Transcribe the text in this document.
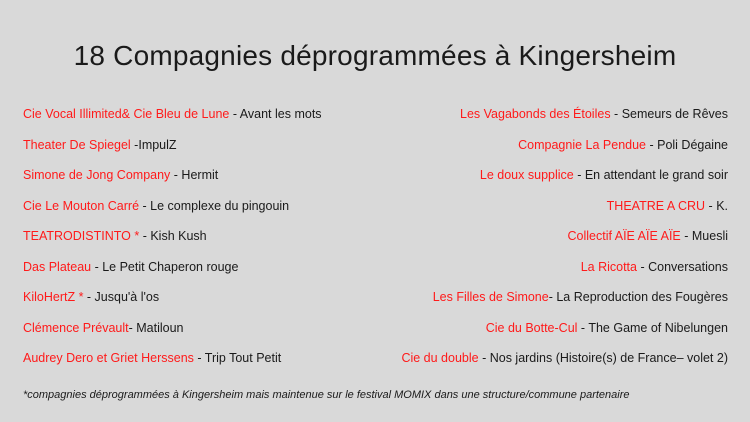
18 Compagnies déprogrammées à Kingersheim
Cie Vocal Illimited& Cie Bleu de Lune - Avant les mots
Theater De Spiegel -ImpulZ
Simone de Jong Company - Hermit
Cie Le Mouton Carré - Le complexe du pingouin
TEATRODISTINTO * - Kish Kush
Das Plateau - Le Petit Chaperon rouge
KiloHertZ * - Jusqu'à l'os
Clémence Prévault- Matiloun
Audrey Dero et Griet Herssens - Trip Tout Petit
Les Vagabonds des Étoiles - Semeurs de Rêves
Compagnie La Pendue - Poli Dégaine
Le doux supplice - En attendant le grand soir
THEATRE A CRU - K.
Collectif AÏE AÏE AÏE - Muesli
La Ricotta - Conversations
Les Filles de Simone- La Reproduction des Fougères
Cie du Botte-Cul - The Game of Nibelungen
Cie du double - Nos jardins (Histoire(s) de France– volet 2)
*compagnies déprogrammées à Kingersheim mais maintenue sur le festival MOMIX dans une structure/commune partenaire
